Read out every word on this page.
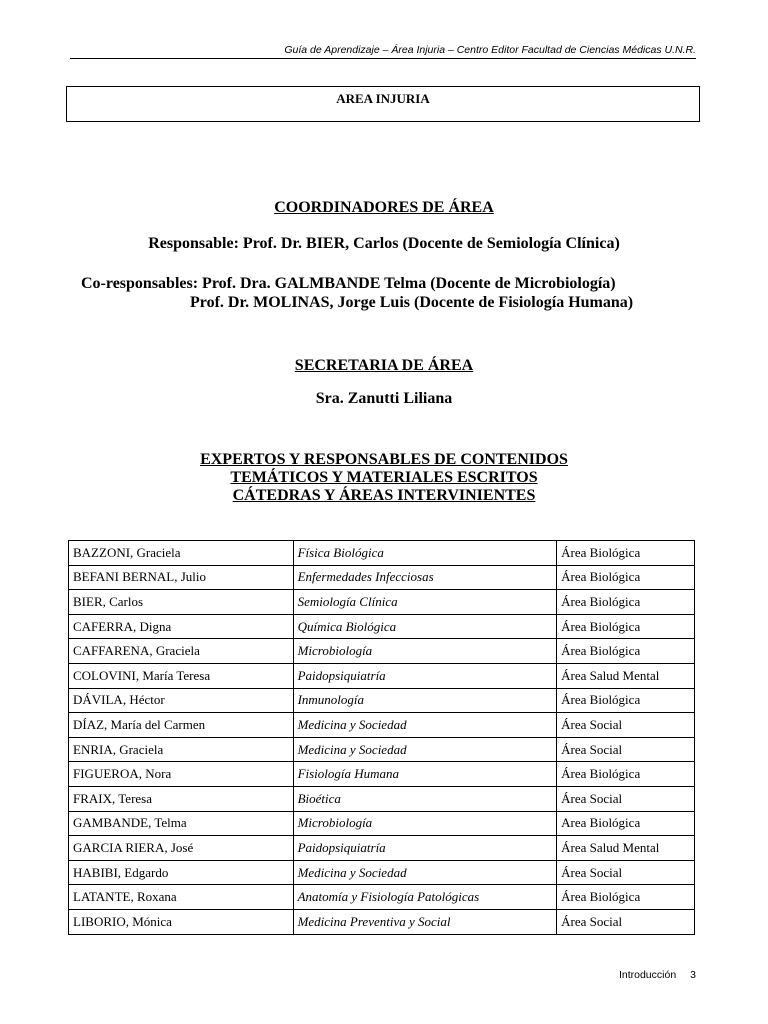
Guía de Aprendizaje – Área Injuria – Centro Editor Facultad de Ciencias Médicas U.N.R.
AREA INJURIA
COORDINADORES DE ÁREA
Responsable: Prof. Dr. BIER, Carlos (Docente de Semiología Clínica)
Co-responsables: Prof. Dra. GALMBANDE Telma (Docente de Microbiología)
Prof. Dr. MOLINAS, Jorge Luis (Docente de Fisiología Humana)
SECRETARIA DE ÁREA
Sra. Zanutti Liliana
EXPERTOS Y RESPONSABLES DE CONTENIDOS
TEMÁTICOS Y MATERIALES ESCRITOS
CÁTEDRAS Y ÁREAS INTERVINIENTES
BAZZONI, Graciela	Física Biológica	Área Biológica
BEFANI BERNAL, Julio	Enfermedades Infecciosas	Área Biológica
BIER, Carlos	Semiología Clínica	Área Biológica
CAFERRA, Digna	Química Biológica	Área Biológica
CAFFARENA, Graciela	Microbiología	Área Biológica
COLOVINI, María Teresa	Paidopsiquiatría	Área Salud Mental
DÁVILA, Héctor	Inmunología	Área Biológica
DÍAZ, María del Carmen	Medicina y Sociedad	Área Social
ENRIA, Graciela	Medicina y Sociedad	Área Social
FIGUEROA, Nora	Fisiología Humana	Área Biológica
FRAIX, Teresa	Bioética	Área Social
GAMBANDE, Telma	Microbiología	Area Biológica
GARCIA RIERA, José	Paidopsiquiatría	Área Salud Mental
HABIBI, Edgardo	Medicina y Sociedad	Área Social
LATANTE, Roxana	Anatomía y Fisiología Patológicas	Área Biológica
LIBORIO, Mónica	Medicina Preventiva y Social	Área Social
Introducción 3
